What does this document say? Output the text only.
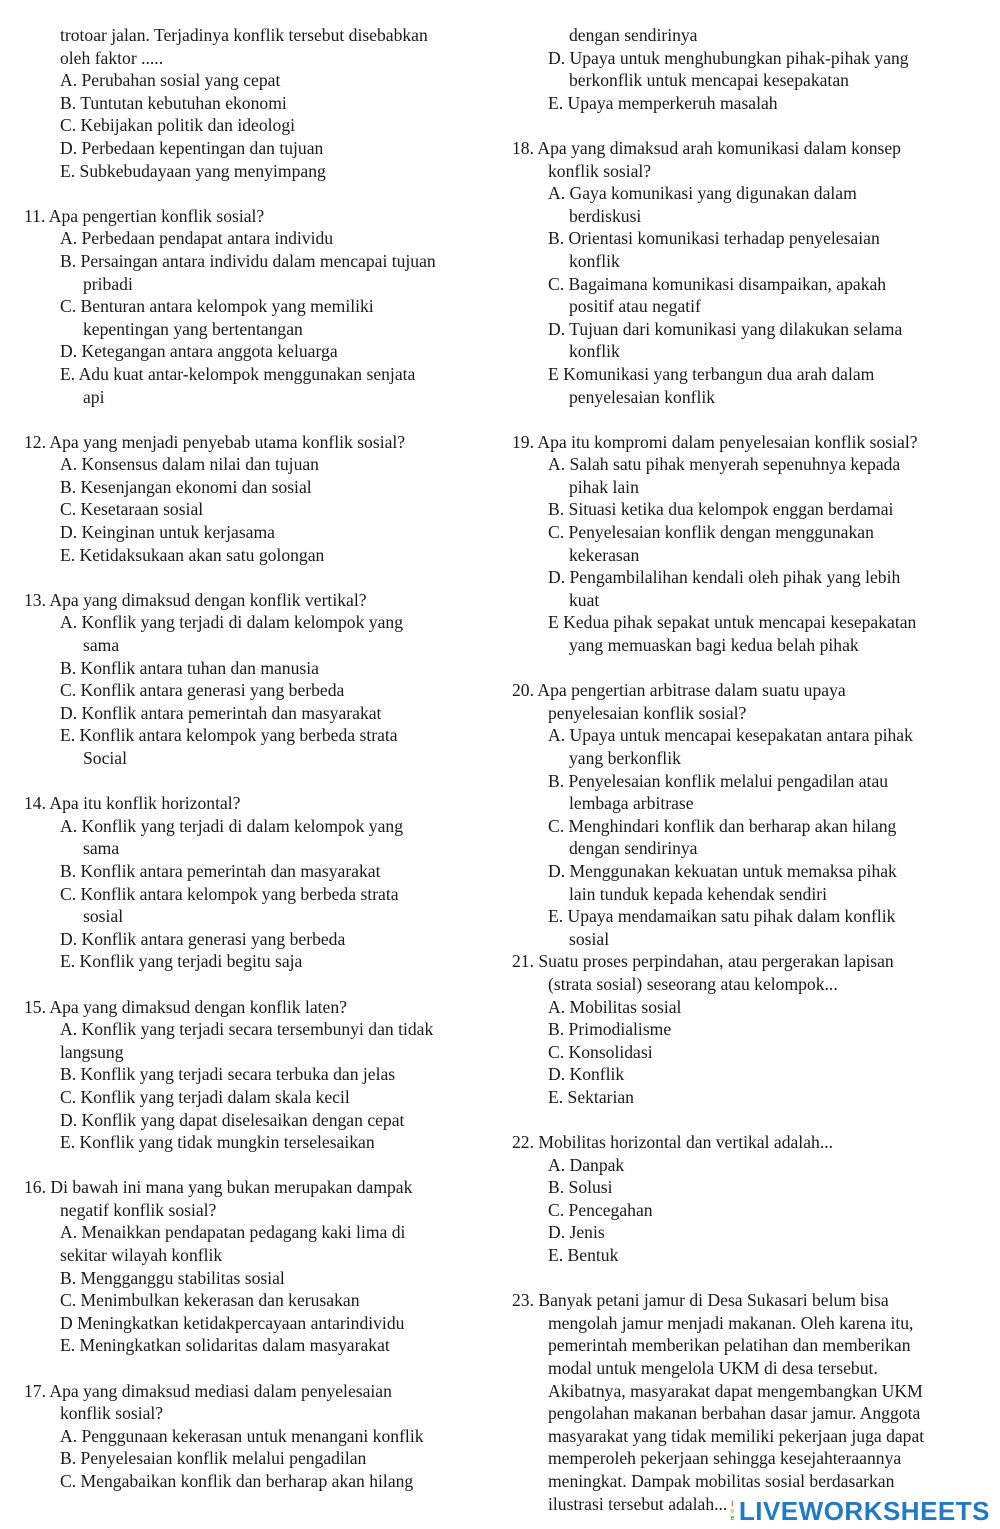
trotoar jalan. Terjadinya konflik tersebut disebabkan
oleh faktor .....
A. Perubahan sosial yang cepat
B. Tuntutan kebutuhan ekonomi
C. Kebijakan politik dan ideologi
D. Perbedaan kepentingan dan tujuan
E. Subkebudayaan yang menyimpang
11. Apa pengertian konflik sosial?
A. Perbedaan pendapat antara individu
B. Persaingan antara individu dalam mencapai tujuan
pribadi
C. Benturan antara kelompok yang memiliki
kepentingan yang bertentangan
D. Ketegangan antara anggota keluarga
E. Adu kuat antar-kelompok menggunakan senjata
api
12. Apa yang menjadi penyebab utama konflik sosial?
A. Konsensus dalam nilai dan tujuan
B. Kesenjangan ekonomi dan sosial
C. Kesetaraan sosial
D. Keinginan untuk kerjasama
E. Ketidaksukaan akan satu golongan
13. Apa yang dimaksud dengan konflik vertikal?
A. Konflik yang terjadi di dalam kelompok yang
sama
B. Konflik antara tuhan dan manusia
C. Konflik antara generasi yang berbeda
D. Konflik antara pemerintah dan masyarakat
E. Konflik antara kelompok yang berbeda strata
Social
14. Apa itu konflik horizontal?
A. Konflik yang terjadi di dalam kelompok yang
sama
B. Konflik antara pemerintah dan masyarakat
C. Konflik antara kelompok yang berbeda strata
sosial
D. Konflik antara generasi yang berbeda
E. Konflik yang terjadi begitu saja
15. Apa yang dimaksud dengan konflik laten?
A. Konflik yang terjadi secara tersembunyi dan tidak
langsung
B. Konflik yang terjadi secara terbuka dan jelas
C. Konflik yang terjadi dalam skala kecil
D. Konflik yang dapat diselesaikan dengan cepat
E. Konflik yang tidak mungkin terselesaikan
16. Di bawah ini mana yang bukan merupakan dampak
negatif konflik sosial?
A. Menaikkan pendapatan pedagang kaki lima di
sekitar wilayah konflik
B. Mengganggu stabilitas sosial
C. Menimbulkan kekerasan dan kerusakan
D Meningkatkan ketidakpercayaan antarindividu
E. Meningkatkan solidaritas dalam masyarakat
17. Apa yang dimaksud mediasi dalam penyelesaian
konflik sosial?
A. Penggunaan kekerasan untuk menangani konflik
B. Penyelesaian konflik melalui pengadilan
C. Mengabaikan konflik dan berharap akan hilang
dengan sendirinya
D. Upaya untuk menghubungkan pihak-pihak yang
berkonflik untuk mencapai kesepakatan
E. Upaya memperkeruh masalah
18. Apa yang dimaksud arah komunikasi dalam konsep
konflik sosial?
A. Gaya komunikasi yang digunakan dalam
berdiskusi
B. Orientasi komunikasi terhadap penyelesaian
konflik
C. Bagaimana komunikasi disampaikan, apakah
positif atau negatif
D. Tujuan dari komunikasi yang dilakukan selama
konflik
E Komunikasi yang terbangun dua arah dalam
penyelesaian konflik
19. Apa itu kompromi dalam penyelesaian konflik sosial?
A. Salah satu pihak menyerah sepenuhnya kepada
pihak lain
B. Situasi ketika dua kelompok enggan berdamai
C. Penyelesaian konflik dengan menggunakan
kekerasan
D. Pengambilalihan kendali oleh pihak yang lebih
kuat
E Kedua pihak sepakat untuk mencapai kesepakatan
yang memuaskan bagi kedua belah pihak
20. Apa pengertian arbitrase dalam suatu upaya
penyelesaian konflik sosial?
A. Upaya untuk mencapai kesepakatan antara pihak
yang berkonflik
B. Penyelesaian konflik melalui pengadilan atau
lembaga arbitrase
C. Menghindari konflik dan berharap akan hilang
dengan sendirinya
D. Menggunakan kekuatan untuk memaksa pihak
lain tunduk kepada kehendak sendiri
E. Upaya mendamaikan satu pihak dalam konflik
sosial
21. Suatu proses perpindahan, atau pergerakan lapisan
(strata sosial) seseorang atau kelompok...
A. Mobilitas sosial
B. Primodialisme
C. Konsolidasi
D. Konflik
E. Sektarian
22. Mobilitas horizontal dan vertikal adalah...
A. Danpak
B. Solusi
C. Pencegahan
D. Jenis
E. Bentuk
23. Banyak petani jamur di Desa Sukasari belum bisa
mengolah jamur menjadi makanan. Oleh karena itu,
pemerintah memberikan pelatihan dan memberikan
modal untuk mengelola UKM di desa tersebut.
Akibatnya, masyarakat dapat mengembangkan UKM
pengolahan makanan berbahan dasar jamur. Anggota
masyarakat yang tidak memiliki pekerjaan juga dapat
memperoleh pekerjaan sehingga kesejahteraannya
meningkat. Dampak mobilitas sosial berdasarkan
ilustrasi tersebut adalah... l
v
e LIVEWORKSHEETS
